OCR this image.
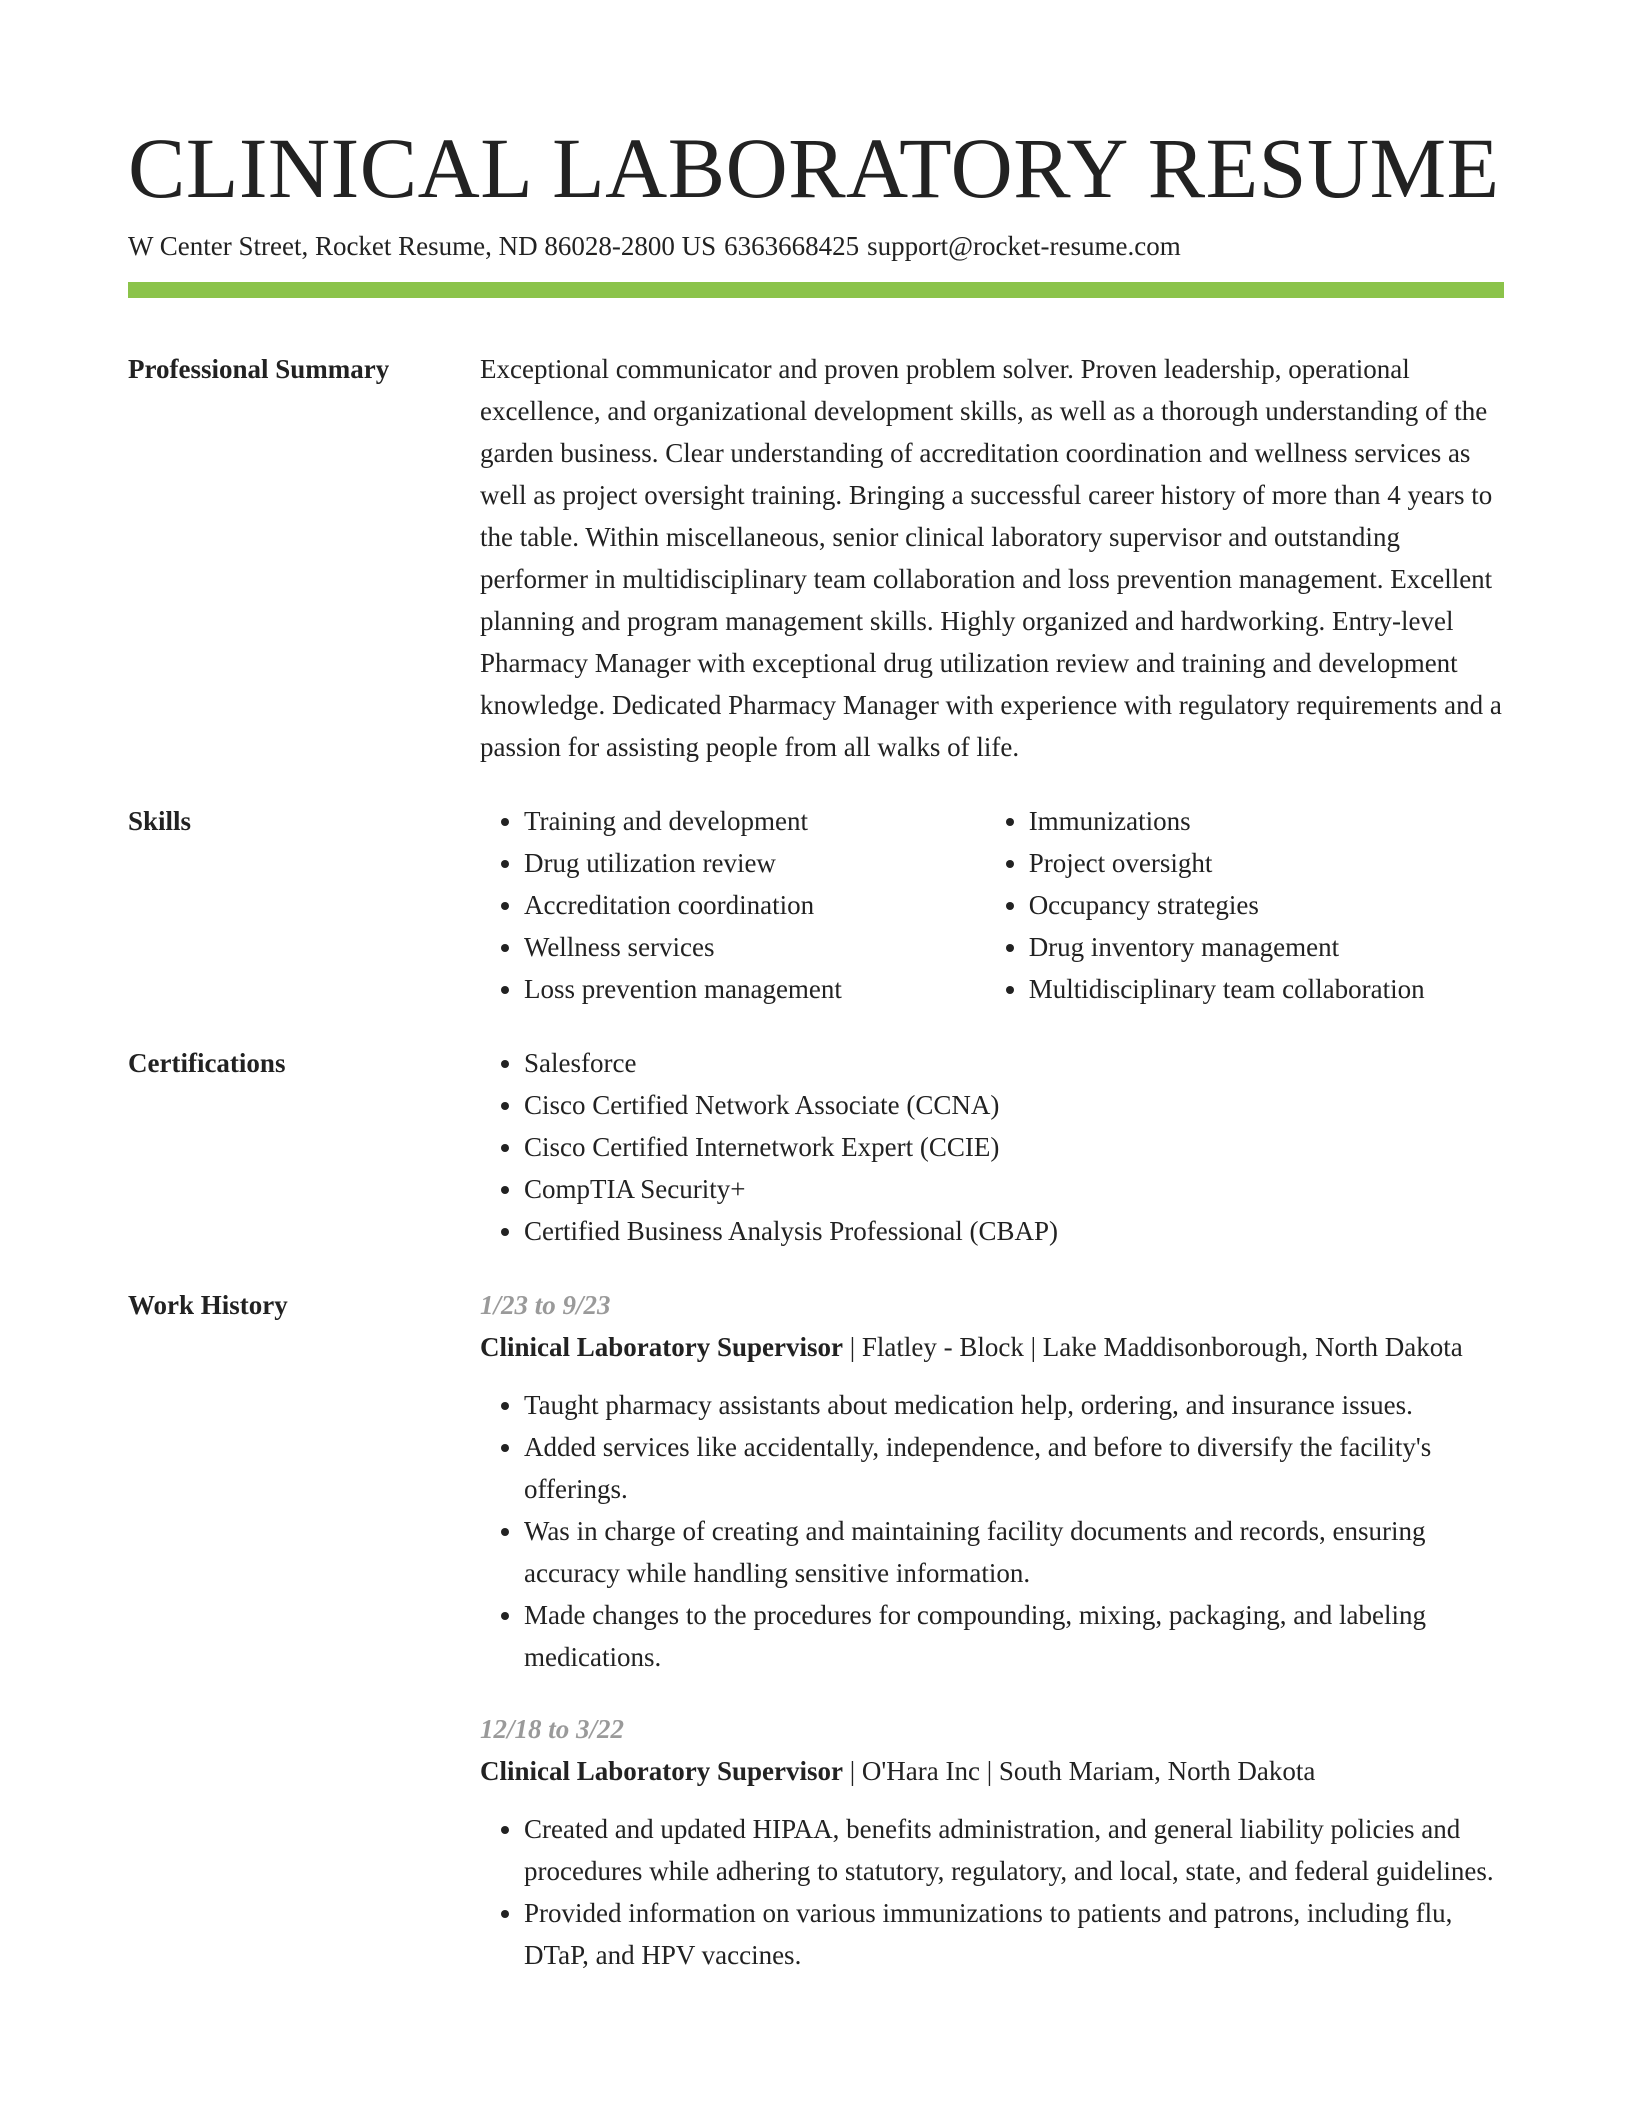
CLINICAL LABORATORY RESUME
W Center Street, Rocket Resume, ND 86028-2800 US 6363668425 support@rocket-resume.com
Professional Summary	Exceptional communicator and proven problem solver. Proven leadership, operational excellence, and organizational development skills, as well as a thorough understanding of the garden business. Clear understanding of accreditation coordination and wellness services as well as project oversight training. Bringing a successful career history of more than 4 years to the table. Within miscellaneous, senior clinical laboratory supervisor and outstanding performer in multidisciplinary team collaboration and loss prevention management. Excellent planning and program management skills. Highly organized and hardworking. Entry-level Pharmacy Manager with exceptional drug utilization review and training and development knowledge. Dedicated Pharmacy Manager with experience with regulatory requirements and a passion for assisting people from all walks of life.

Skills	• Training and development
• Drug utilization review
• Accreditation coordination
• Wellness services
• Loss prevention management
• Immunizations
• Project oversight
• Occupancy strategies
• Drug inventory management
• Multidisciplinary team collaboration
Certifications	• Salesforce
• Cisco Certified Network Associate (CCNA)
• Cisco Certified Internetwork Expert (CCIE)
• CompTIA Security+
• Certified Business Analysis Professional (CBAP)
Work History	1/23 to 9/23

Clinical Laboratory Supervisor | Flatley - Block | Lake Maddisonborough, North Dakota

• Taught pharmacy assistants about medication help, ordering, and insurance issues.
• Added services like accidentally, independence, and before to diversify the facility's offerings.
• Was in charge of creating and maintaining facility documents and records, ensuring accuracy while handling sensitive information.
• Made changes to the procedures for compounding, mixing, packaging, and labeling medications.
12/18 to 3/22

Clinical Laboratory Supervisor | O'Hara Inc | South Mariam, North Dakota

• Created and updated HIPAA, benefits administration, and general liability policies and procedures while adhering to statutory, regulatory, and local, state, and federal guidelines.
• Provided information on various immunizations to patients and patrons, including flu, DTaP, and HPV vaccines.
